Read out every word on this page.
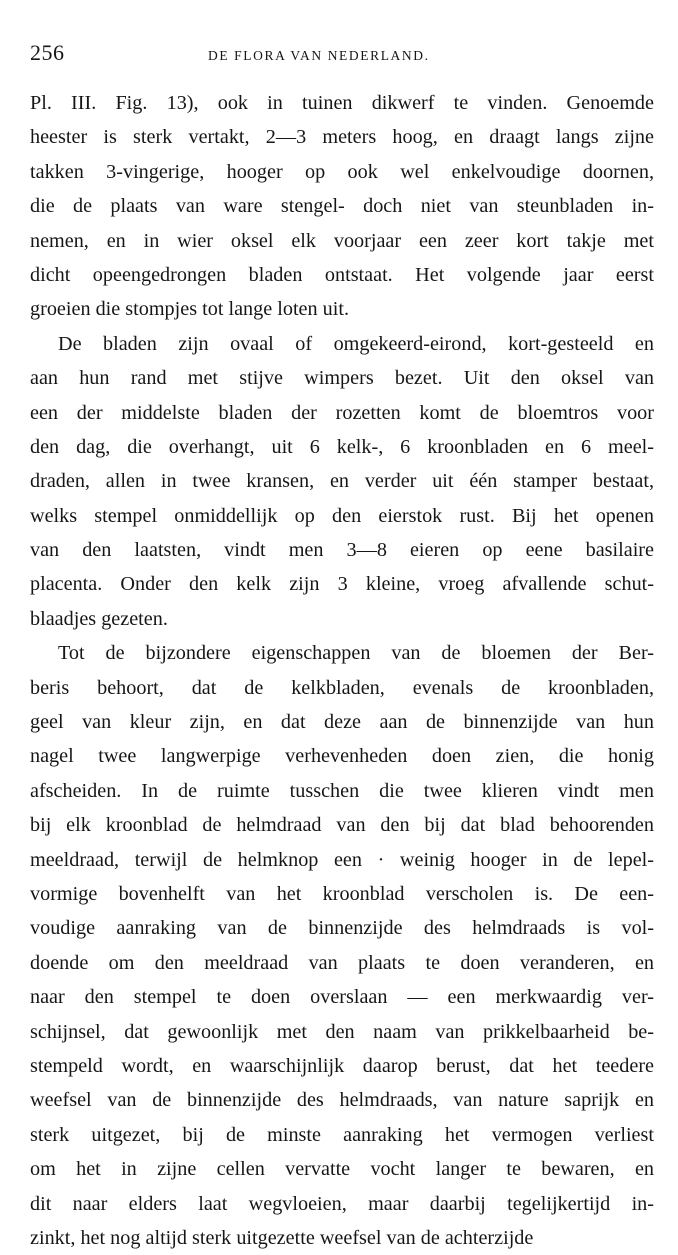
256	DE FLORA VAN NEDERLAND.
Pl. III. Fig. 13), ook in tuinen dikwerf te vinden. Genoemde
heester is sterk vertakt, 2—3 meters hoog, en draagt langs zijne
takken 3-vingerige, hooger op ook wel enkelvoudige doornen,
die de plaats van ware stengel- doch niet van steunbladen in-
nemen, en in wier oksel elk voorjaar een zeer kort takje met
dicht opeengedrongen bladen ontstaat. Het volgende jaar eerst
groeien die stompjes tot lange loten uit.
De bladen zijn ovaal of omgekeerd-eirond, kort-gesteeld en
aan hun rand met stijve wimpers bezet. Uit den oksel van
een der middelste bladen der rozetten komt de bloemtros voor
den dag, die overhangt, uit 6 kelk-, 6 kroonbladen en 6 meel-
draden, allen in twee kransen, en verder uit één stamper bestaat,
welks stempel onmiddellijk op den eierstok rust. Bij het openen
van den laatsten, vindt men 3—8 eieren op eene basilaire
placenta. Onder den kelk zijn 3 kleine, vroeg afvallende schut-
blaadjes gezeten.
Tot de bijzondere eigenschappen van de bloemen der Ber-
beris behoort, dat de kelkbladen, evenals de kroonbladen,
geel van kleur zijn, en dat deze aan de binnenzijde van hun
nagel twee langwerpige verhevenheden doen zien, die honig
afscheiden. In de ruimte tusschen die twee klieren vindt men
bij elk kroonblad de helmdraad van den bij dat blad behoorenden
meeldraad, terwijl de helmknop een · weinig hooger in de lepel-
vormige bovenhelft van het kroonblad verscholen is. De een-
voudige aanraking van de binnenzijde des helmdraads is vol-
doende om den meeldraad van plaats te doen veranderen, en
naar den stempel te doen overslaan — een merkwaardig ver-
schijnsel, dat gewoonlijk met den naam van prikkelbaarheid be-
stempeld wordt, en waarschijnlijk daarop berust, dat het teedere
weefsel van de binnenzijde des helmdraads, van nature saprijk en
sterk uitgezet, bij de minste aanraking het vermogen verliest
om het in zijne cellen vervatte vocht langer te bewaren, en
dit naar elders laat wegvloeien, maar daarbij tegelijkertijd in-
zinkt, het nog altijd sterk uitgezette weefsel van de achterzijde
